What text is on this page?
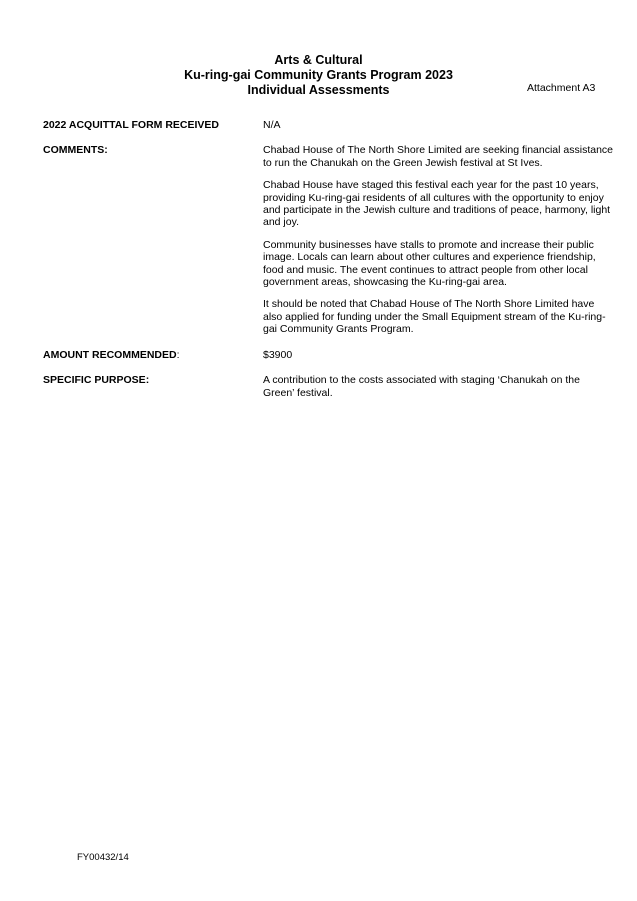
Arts & Cultural
Ku-ring-gai Community Grants Program 2023
Individual Assessments	Attachment A3
2022 ACQUITTAL FORM RECEIVED	N/A
COMMENTS:	Chabad House of The North Shore Limited are seeking financial assistance to run the Chanukah on the Green Jewish festival at St Ives.

Chabad House have staged this festival each year for the past 10 years, providing Ku-ring-gai residents of all cultures with the opportunity to enjoy and participate in the Jewish culture and traditions of peace, harmony, light and joy.

Community businesses have stalls to promote and increase their public image. Locals can learn about other cultures and experience friendship, food and music. The event continues to attract people from other local government areas, showcasing the Ku-ring-gai area.

It should be noted that Chabad House of The North Shore Limited have also applied for funding under the Small Equipment stream of the Ku-ring-gai Community Grants Program.

AMOUNT RECOMMENDED:	$3900
SPECIFIC PURPOSE:	A contribution to the costs associated with staging ‘Chanukah on the Green’ festival.
FY00432/14
